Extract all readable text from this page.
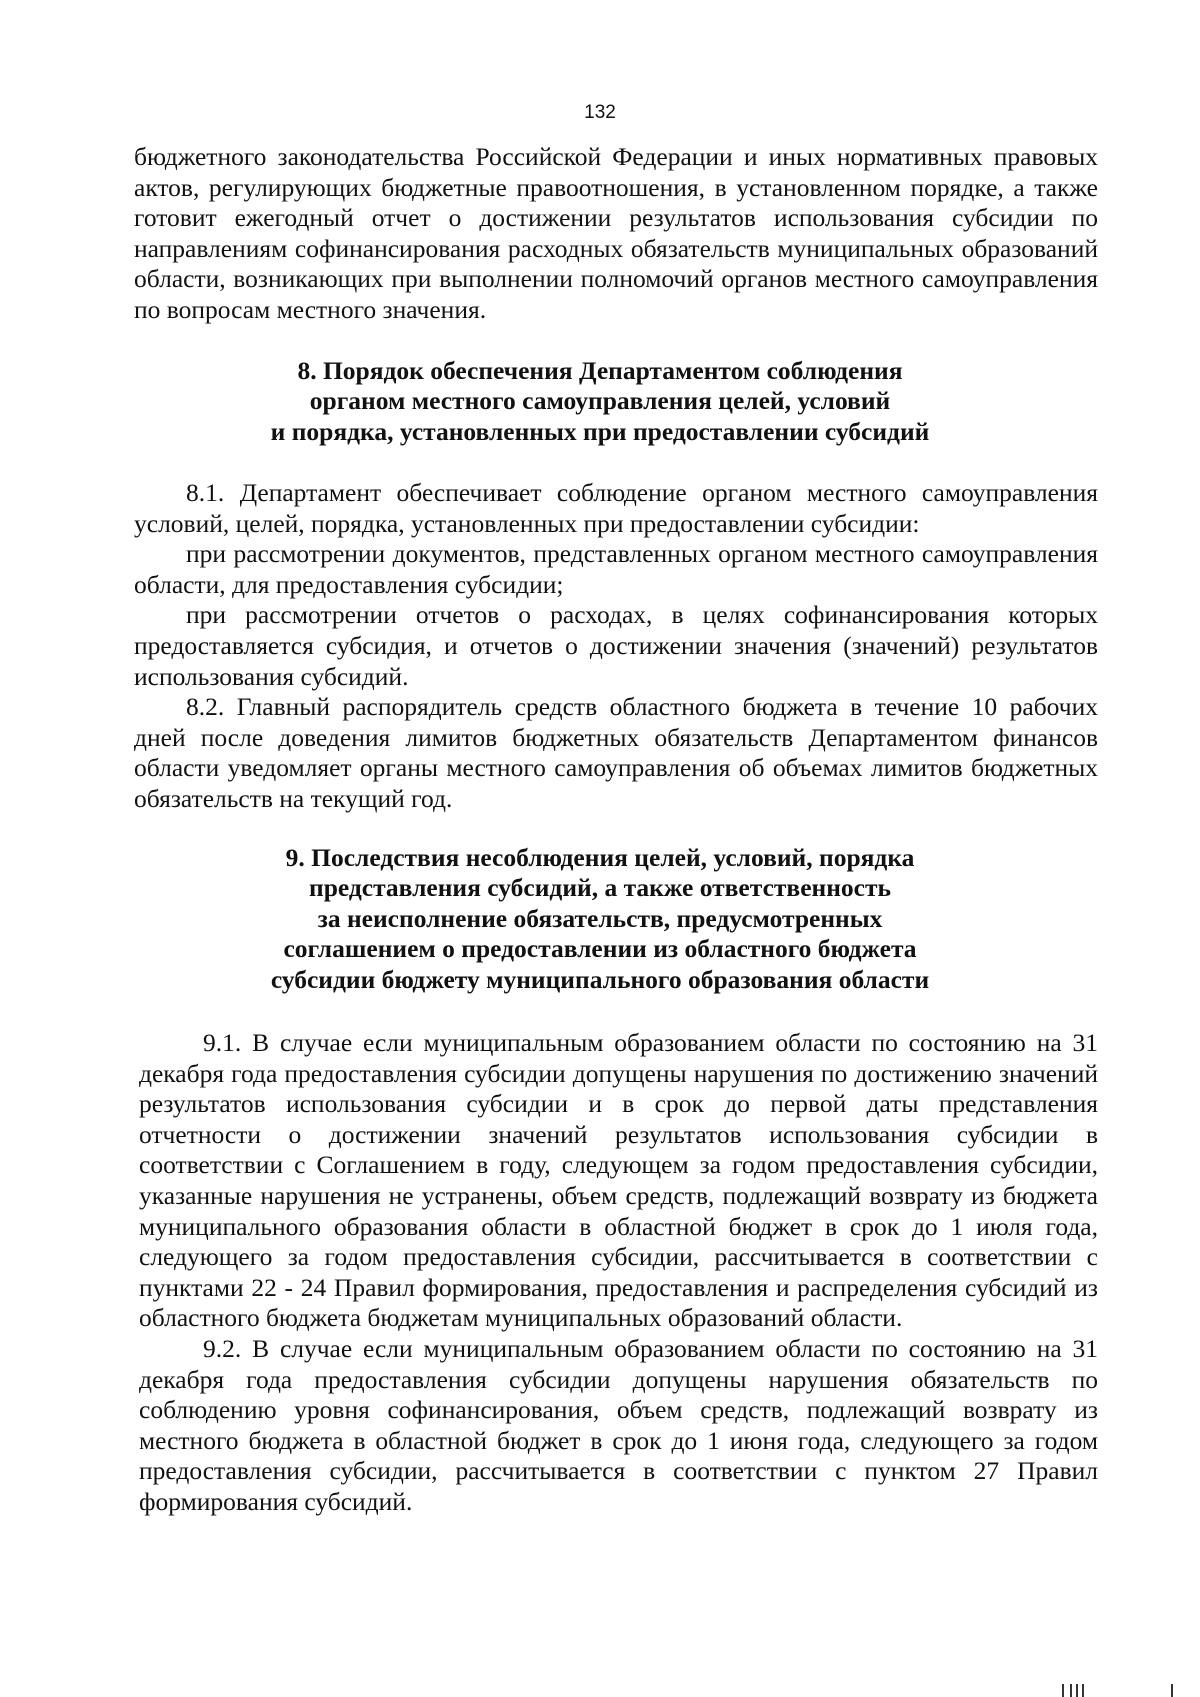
132

бюджетного законодательства Российской Федерации и иных нормативных правовых актов, регулирующих бюджетные правоотношения, в установленном порядке, а также готовит ежегодный отчет о достижении результатов использования субсидии по направлениям софинансирования расходных обязательств муниципальных образований области, возникающих при выполнении полномочий органов местного самоуправления по вопросам местного значения.

8. Порядок обеспечения Департаментом соблюдения
органом местного самоуправления целей, условий
и порядка, установленных при предоставлении субсидий

8.1. Департамент обеспечивает соблюдение органом местного самоуправления условий, целей, порядка, установленных при предоставлении субсидии:

при рассмотрении документов, представленных органом местного самоуправления области, для предоставления субсидии;

при рассмотрении отчетов о расходах, в целях софинансирования которых предоставляется субсидия, и отчетов о достижении значения (значений) результатов использования субсидий.

8.2. Главный распорядитель средств областного бюджета в течение 10 рабочих дней после доведения лимитов бюджетных обязательств Департаментом финансов области уведомляет органы местного самоуправления об объемах лимитов бюджетных обязательств на текущий год.

9. Последствия несоблюдения целей, условий, порядка
представления субсидий, а также ответственность
за неисполнение обязательств, предусмотренных
соглашением о предоставлении из областного бюджета
субсидии бюджету муниципального образования области

9.1. В случае если муниципальным образованием области по состоянию на 31 декабря года предоставления субсидии допущены нарушения по достижению значений результатов использования субсидии и в срок до первой даты представления отчетности о достижении значений результатов использования субсидии в соответствии с Соглашением в году, следующем за годом предоставления субсидии, указанные нарушения не устранены, объем средств, подлежащий возврату из бюджета муниципального образования области в областной бюджет в срок до 1 июля года, следующего за годом предоставления субсидии, рассчитывается в соответствии с пунктами 22 - 24 Правил формирования, предоставления и распределения субсидий из областного бюджета бюджетам муниципальных образований области.

9.2. В случае если муниципальным образованием области по состоянию на 31 декабря года предоставления субсидии допущены нарушения обязательств по соблюдению уровня софинансирования, объем средств, подлежащий возврату из местного бюджета в областной бюджет в срок до 1 июня года, следующего за годом предоставления субсидии, рассчитывается в соответствии с пунктом 27 Правил формирования субсидий.
